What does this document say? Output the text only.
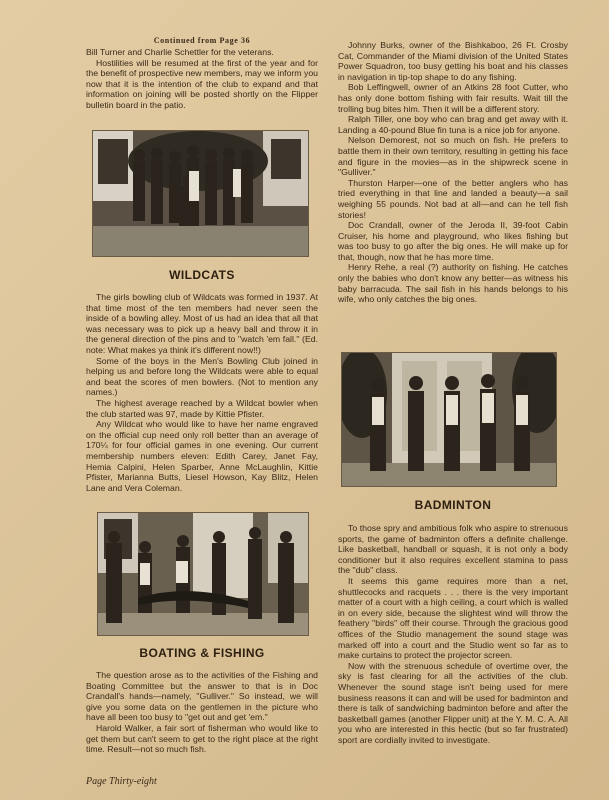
Continued from Page 36

Bill Turner and Charlie Schettler for the veterans.

Hostilities will be resumed at the first of the year and for the benefit of prospective new members, may we inform you now that it is the intention of the club to expand and that information on joining will be posted shortly on the Flipper bulletin board in the patio.

WILDCATS

The girls bowling club of Wildcats was formed in 1937. At that time most of the ten members had never seen the inside of a bowling alley. Most of us had an idea that all that was necessary was to pick up a heavy ball and throw it in the general direction of the pins and to "watch 'em fall." (Ed. note: What makes ya think it's different now!!)

Some of the boys in the Men's Bowling Club joined in helping us and before long the Wildcats were able to equal and beat the scores of men bowlers. (Not to mention any names.)

The highest average reached by a Wildcat bowler when the club started was 97, made by Kittie Pfister.

Any Wildcat who would like to have her name engraved on the official cup need only roll better than an average of 170¼ for four official games in one evening. Our current membership numbers eleven: Edith Carey, Janet Fay, Hemia Calpini, Helen Sparber, Anne McLaughlin, Kittie Pfister, Marianna Butts, Liesel Howson, Kay Blitz, Helen Lane and Vera Coleman.

BOATING & FISHING

The question arose as to the activities of the Fishing and Boating Committee but the answer to that is in Doc Crandall's hands—namely, "Gulliver." So instead, we will give you some data on the gentlemen in the picture who have all been too busy to "get out and get 'em."

Harold Walker, a fair sort of fisherman who would like to get them but can't seem to get to the right place at the right time. Result—not so much fish.

Johnny Burks, owner of the Bishkaboo, 26 Ft. Crosby Cat, Commander of the Miami division of the United States Power Squadron, too busy getting his boat and his classes in navigation in tip-top shape to do any fishing.

Bob Leffingwell, owner of an Atkins 28 foot Cutter, who has only done bottom fishing with fair results. Wait till the trolling bug bites him. Then it will be a different story.

Ralph Tiller, one boy who can brag and get away with it. Landing a 40-pound Blue fin tuna is a nice job for anyone.

Nelson Demorest, not so much on fish. He prefers to battle them in their own territory, resulting in getting his face and figure in the movies—as in the shipwreck scene in "Gulliver."

Thurston Harper—one of the better anglers who has tried everything in that line and landed a beauty—a sail weighing 55 pounds. Not bad at all—and can he tell fish stories!

Doc Crandall, owner of the Jeroda II, 39-foot Cabin Cruiser, his home and playground, who likes fishing but was too busy to go after the big ones. He will make up for that, though, now that he has more time.

Henry Rehe, a real (?) authority on fishing. He catches only the babies who don't know any better—as witness his baby barracuda. The sail fish in his hands belongs to his wife, who only catches the big ones.

BADMINTON

To those spry and ambitious folk who aspire to strenuous sports, the game of badminton offers a definite challenge. Like basketball, handball or squash, it is not only a body conditioner but it also requires excellent stamina to pass the "dub" class.

It seems this game requires more than a net, shuttlecocks and racquets . . . there is the very important matter of a court with a high ceiling, a court which is walled in on every side, because the slightest wind will throw the feathery "birds" off their course. Through the gracious good offices of the Studio management the sound stage was marked off into a court and the Studio went so far as to make curtains to protect the projector screen.

Now with the strenuous schedule of overtime over, the sky is fast clearing for all the activities of the club. Whenever the sound stage isn't being used for mere business reasons it can and will be used for badminton and there is talk of sandwiching badminton before and after the basketball games (another Flipper unit) at the Y. M. C. A. All you who are interested in this hectic (but so far frustrated) sport are cordially invited to investigate.

Page Thirty-eight
